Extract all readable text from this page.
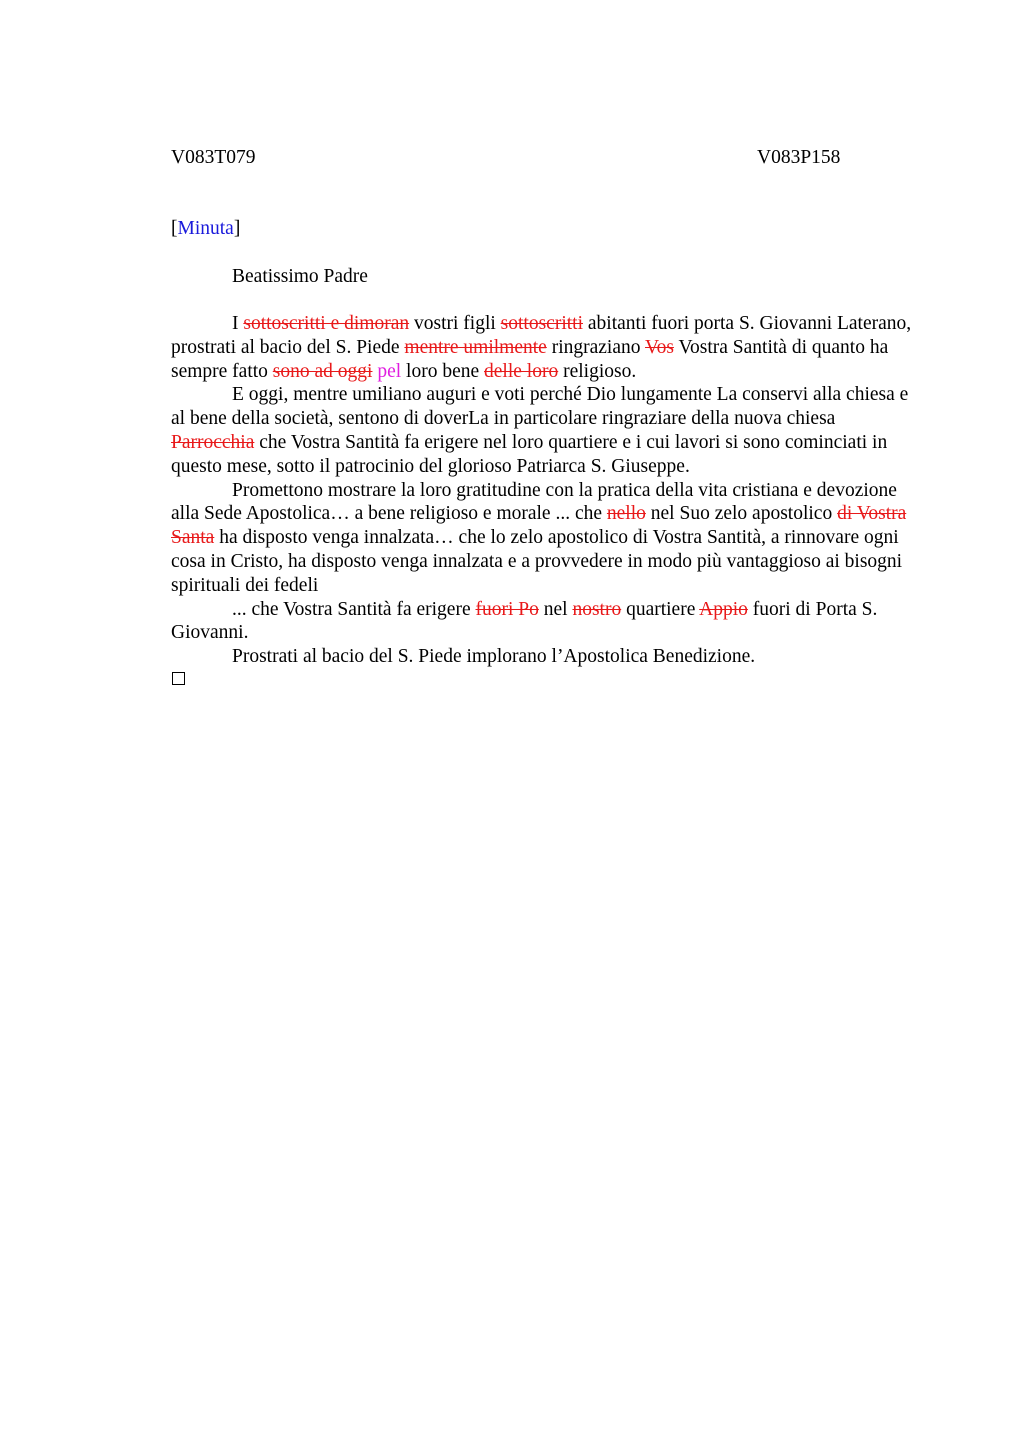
V083T079	V083P158
[Minuta]
Beatissimo Padre

I sottoscritti e dimoran vostri figli sottoscritti abitanti fuori porta S. Giovanni Laterano, prostrati al bacio del S. Piede mentre umilmente ringraziano Vos Vostra Santità di quanto ha sempre fatto sono ad oggi pel loro bene delle loro religioso.

E oggi, mentre umiliano auguri e voti perché Dio lungamente La conservi alla chiesa e al bene della società, sentono di doverLa in particolare ringraziare della nuova chiesa Parrocchia che Vostra Santità fa erigere nel loro quartiere e i cui lavori si sono cominciati in questo mese, sotto il patrocinio del glorioso Patriarca S. Giuseppe.

Promettono mostrare la loro gratitudine con la pratica della vita cristiana e devozione alla Sede Apostolica… a bene religioso e morale ... che nello nel Suo zelo apostolico di Vostra Santa ha disposto venga innalzata… che lo zelo apostolico di Vostra Santità, a rinnovare ogni cosa in Cristo, ha disposto venga innalzata e a provvedere in modo più vantaggioso ai bisogni spirituali dei fedeli

... che Vostra Santità fa erigere fuori Po nel nostro quartiere Appio fuori di Porta S. Giovanni.

Prostrati al bacio del S. Piede implorano l’Apostolica Benedizione.
